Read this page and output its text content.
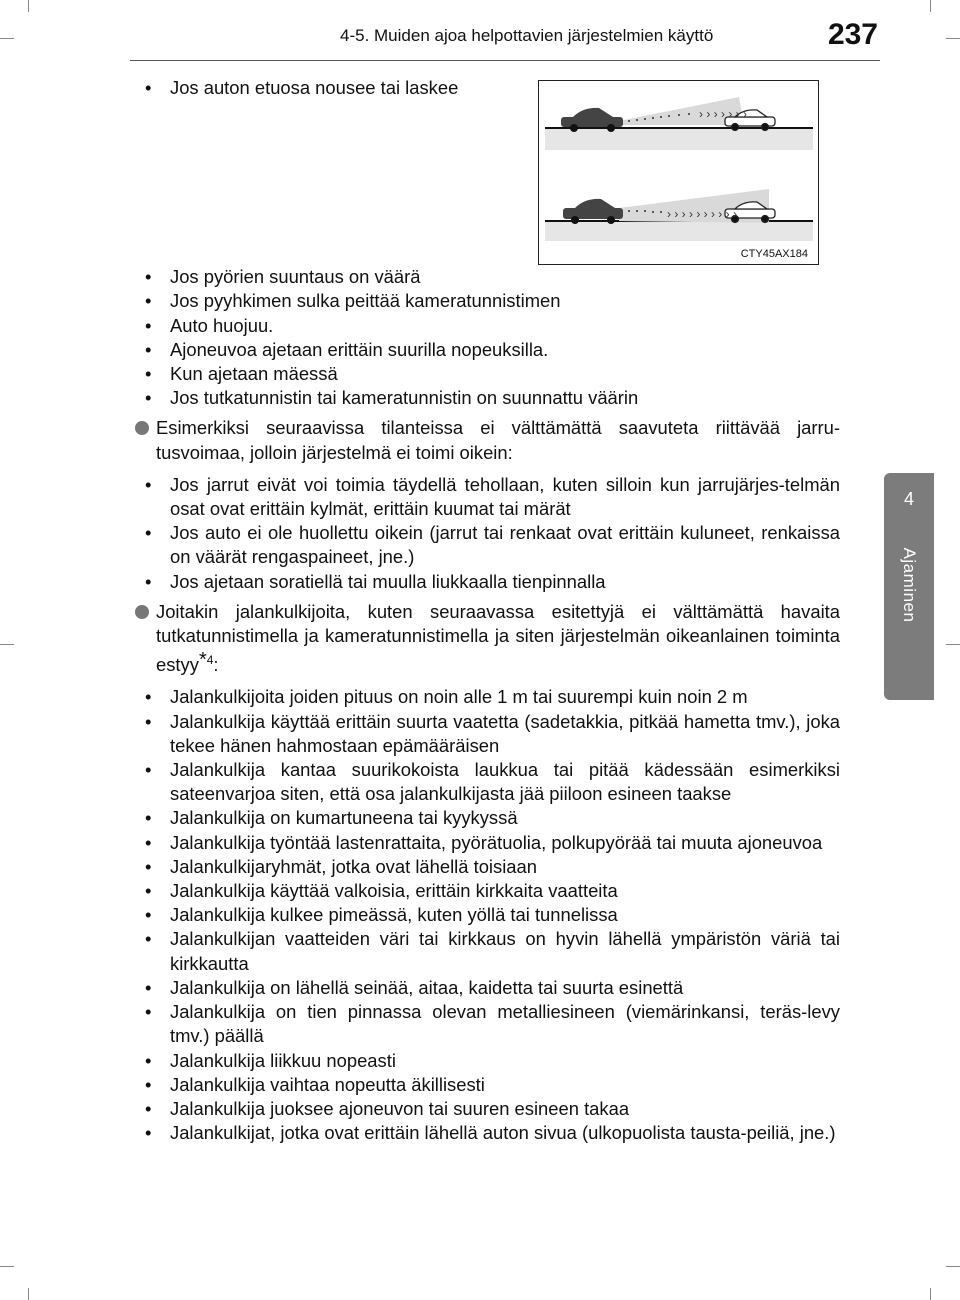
4-5. Muiden ajoa helpottavien järjestelmien käyttö	237
4
Ajaminen
› › › › › › ›
› › › › › › › › › ›
CTY45AX184
• Jos auton etuosa nousee tai laskee
• Jos pyörien suuntaus on väärä
• Jos pyyhkimen sulka peittää kameratunnistimen
• Auto huojuu.
• Ajoneuvoa ajetaan erittäin suurilla nopeuksilla.
• Kun ajetaan mäessä
• Jos tutkatunnistin tai kameratunnistin on suunnattu väärin
Esimerkiksi seuraavissa tilanteissa ei välttämättä saavuteta riittävää jarru-tusvoimaa, jolloin järjestelmä ei toimi oikein:
• Jos jarrut eivät voi toimia täydellä tehollaan, kuten silloin kun jarrujärjes-telmän osat ovat erittäin kylmät, erittäin kuumat tai märät
• Jos auto ei ole huollettu oikein (jarrut tai renkaat ovat erittäin kuluneet, renkaissa on väärät rengaspaineet, jne.)
• Jos ajetaan soratiellä tai muulla liukkaalla tienpinnalla
Joitakin jalankulkijoita, kuten seuraavassa esitettyjä ei välttämättä havaita tutkatunnistimella ja kameratunnistimella ja siten järjestelmän oikeanlainen toiminta estyy$^{*4}$:
• Jalankulkijoita joiden pituus on noin alle 1 m tai suurempi kuin noin 2 m
• Jalankulkija käyttää erittäin suurta vaatetta (sadetakkia, pitkää hametta tmv.), joka tekee hänen hahmostaan epämääräisen
• Jalankulkija kantaa suurikokoista laukkua tai pitää kädessään esimerkiksi sateenvarjoa siten, että osa jalankulkijasta jää piiloon esineen taakse
• Jalankulkija on kumartuneena tai kyykyssä
• Jalankulkija työntää lastenrattaita, pyörätuolia, polkupyörää tai muuta ajoneuvoa
• Jalankulkijaryhmät, jotka ovat lähellä toisiaan
• Jalankulkija käyttää valkoisia, erittäin kirkkaita vaatteita
• Jalankulkija kulkee pimeässä, kuten yöllä tai tunnelissa
• Jalankulkijan vaatteiden väri tai kirkkaus on hyvin lähellä ympäristön väriä tai kirkkautta
• Jalankulkija on lähellä seinää, aitaa, kaidetta tai suurta esinettä
• Jalankulkija on tien pinnassa olevan metalliesineen (viemärinkansi, teräs-levy tmv.) päällä
• Jalankulkija liikkuu nopeasti
• Jalankulkija vaihtaa nopeutta äkillisesti
• Jalankulkija juoksee ajoneuvon tai suuren esineen takaa
• Jalankulkijat, jotka ovat erittäin lähellä auton sivua (ulkopuolista tausta-peiliä, jne.)
